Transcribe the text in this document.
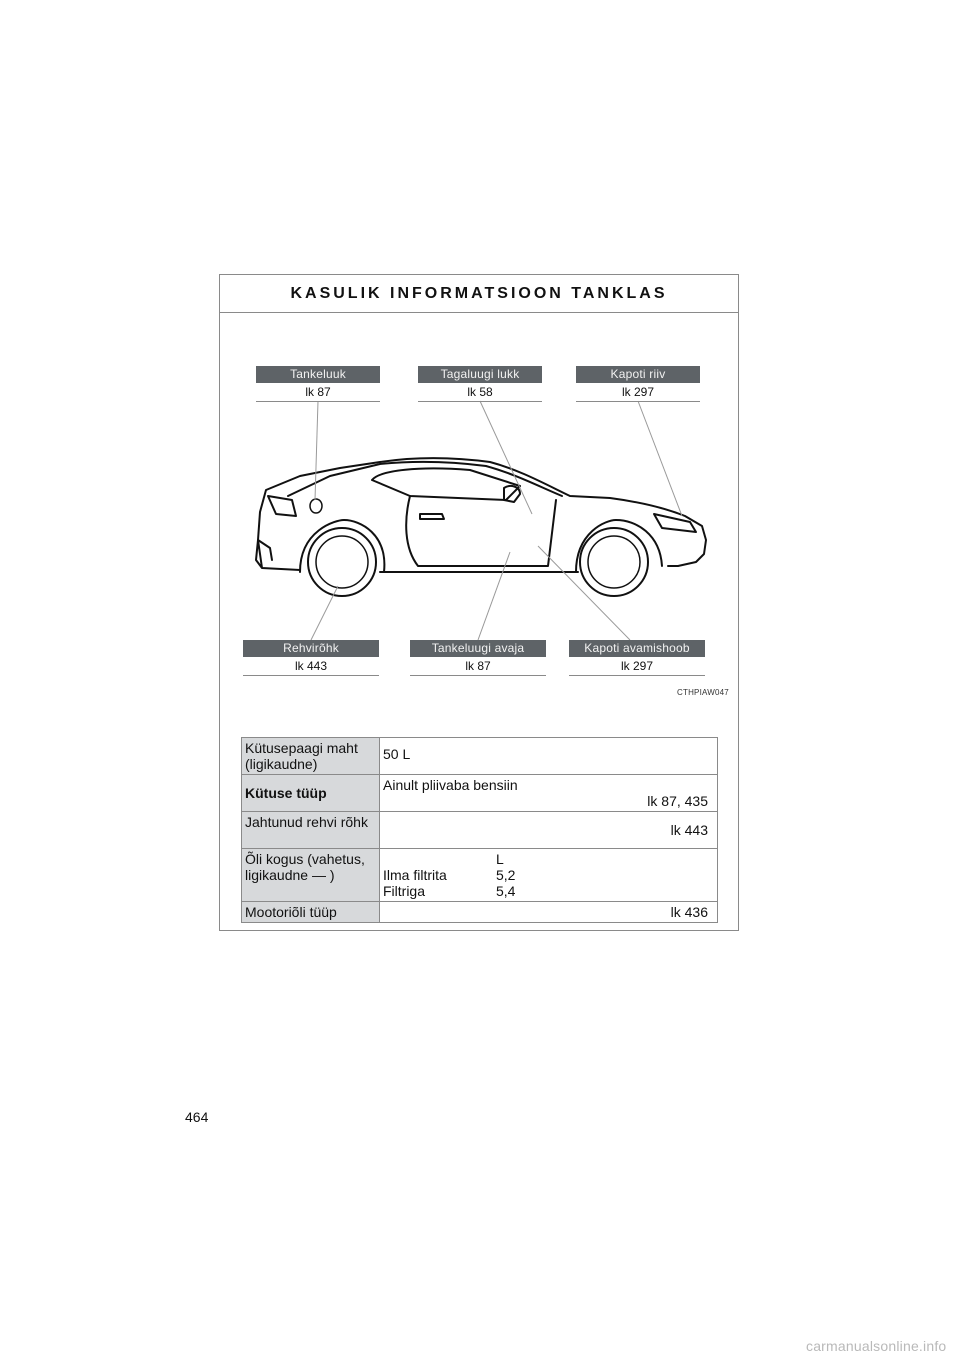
KASULIK INFORMATSIOON TANKLAS
Tankeluuk
lk 87
Tagaluugi lukk
lk 58
Kapoti riiv
lk 297
Rehvirõhk
lk 443
Tankeluugi avaja
lk 87
Kapoti avamishoob
lk 297
CTHPIAW047
Kütusepaagi maht (ligikaudne)	50 L
Kütuse tüüp	Ainult pliivaba bensiin
lk 87, 435

Jahtunud rehvi rõhk	lk 443

Õli kogus (vahetus, ligikaudne — )	L
Ilma filtrita 5,2
Filtriga 5,4

Mootoriõli tüüp	lk 436
464
carmanualsonline.info
